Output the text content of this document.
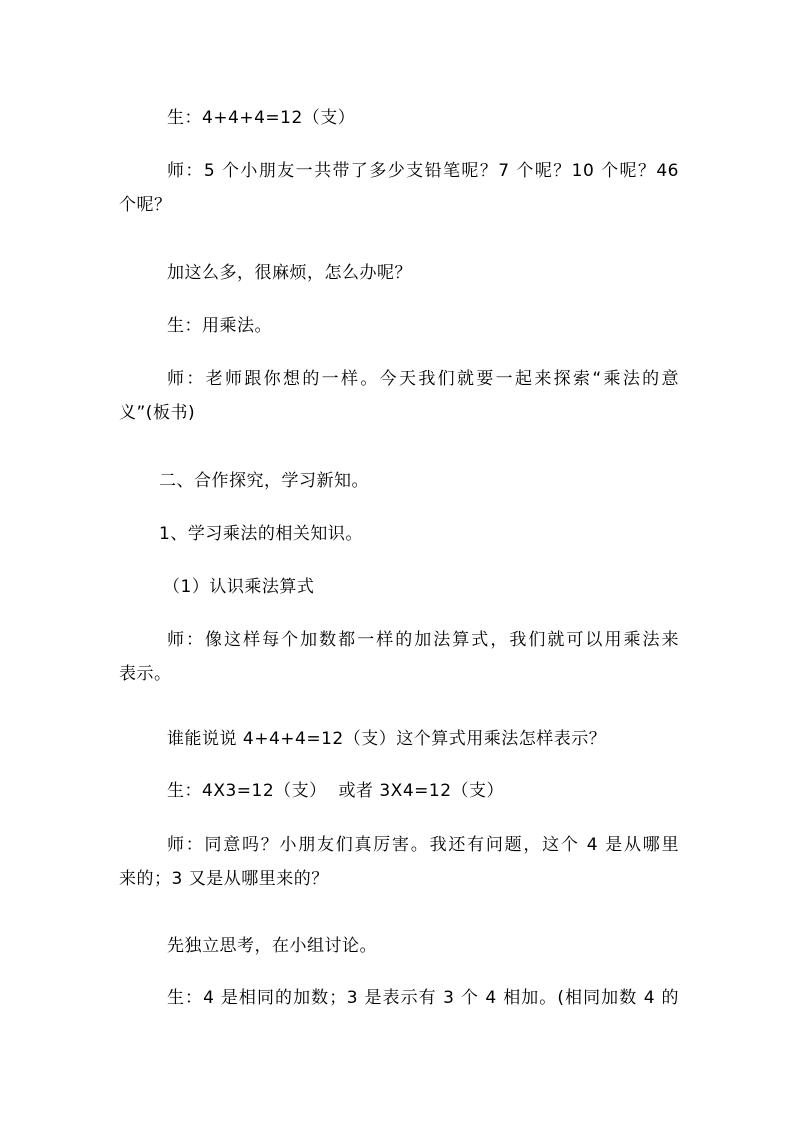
生：4+4+4=12（支）
师：5 个小朋友一共带了多少支铅笔呢？7 个呢？10 个呢？46
个呢？
加这么多，很麻烦，怎么办呢？
生：用乘法。
师：老师跟你想的一样。今天我们就要一起来探索“乘法的意
义”(板书)
二、合作探究，学习新知。
1、学习乘法的相关知识。
（1）认识乘法算式
师：像这样每个加数都一样的加法算式，我们就可以用乘法来
表示。
谁能说说 4+4+4=12（支）这个算式用乘法怎样表示？
生：4X3=12（支）  或者 3X4=12（支）
师：同意吗？小朋友们真厉害。我还有问题，这个 4 是从哪里
来的；3 又是从哪里来的？
先独立思考，在小组讨论。
生：4 是相同的加数；3 是表示有 3 个 4 相加。(相同加数 4 的
